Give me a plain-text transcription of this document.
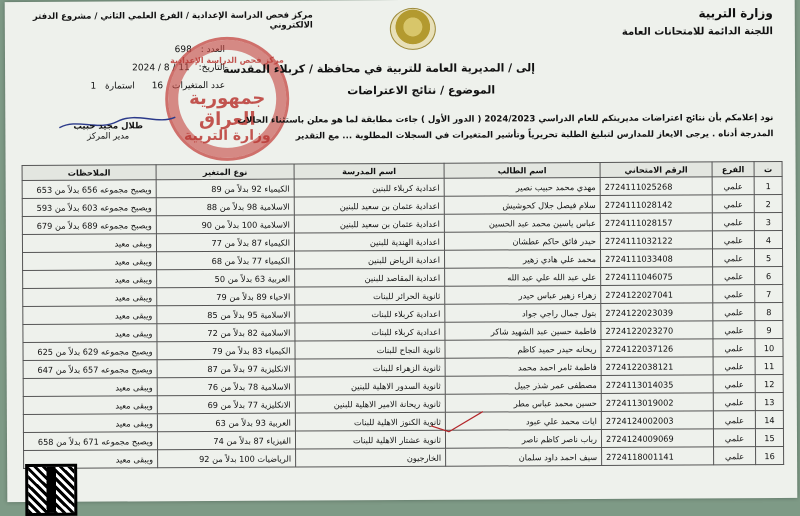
وزارة التربية
اللجنة الدائمة للامتحانات العامة
مركز فحص الدراسة الإعدادية / الفرع العلمي الثاني / مشروع الدفتر الالكتروني
العدد : 698
التاريخ: 11 / 8 / 2024
عدد المتغيرات 16 استمارة 1
مركز فحص الدراسة الإعدادية
جمهورية العراق
وزارة التربية
إلى / المديرية العامة للتربية في محافظة / كربلاء المقدسة
الموضوع / نتائج الاعتراضات
نود إعلامكم بأن نتائج اعتراضات مديريتكم للعام الدراسي 2024/2023 ( الدور الأول ) جاءت مطابقة لما هو معلن باستثناء الحالات
المدرجة أدناه . يرجى الايعاز للمدارس لتبليغ الطلبة تحريرياً وتأشير المتغيرات في السجلات المطلوبة ... مع التقدير
طلال مجيد حبيب
مدير المركز
ت	الفرع	الرقم الامتحاني	اسم الطالب	اسم المدرسة	نوع المتغير	الملاحظات
1	علمي	2724111025268	مهدي محمد حبيب نصير	اعدادية كربلاء للبنين	الكيمياء 92 بدلاً من 89	ويصبح مجموعه 656 بدلاً من 653
2	علمي	2724111028142	سلام فيصل جلال كحوشيش	اعدادية عثمان بن سعيد للبنين	الاسلامية 98 بدلاً من 88	ويصبح مجموعه 603 بدلاً من 593
3	علمي	2724111028157	عباس ياسين محمد عبد الحسين	اعدادية عثمان بن سعيد للبنين	الاسلامية 100 بدلاً من 90	ويصبح مجموعه 689 بدلاً من 679
4	علمي	2724111032122	حيدر فائق حاكم عطشان	اعدادية الهندية للبنين	الكيمياء 87 بدلاً من 77	ويبقى معيد
5	علمي	2724111033408	محمد علي هادي زهير	اعدادية الرياض للبنين	الكيمياء 77 بدلاً من 68	ويبقى معيد
6	علمي	2724111046075	علي عبد الله علي عبد الله	اعدادية المقاصد للبنين	العربية 63 بدلاً من 50	ويبقى معيد
7	علمي	2724122027041	زهراء زهير عباس حيدر	ثانوية الحرائر للبنات	الاحياء 89 بدلاً من 79	ويبقى معيد
8	علمي	2724122023039	بتول جمال راجي جواد	اعدادية كربلاء للبنات	الاسلامية 95 بدلاً من 85	ويبقى معيد
9	علمي	2724122023270	فاطمة حسين عبد الشهيد شاكر	اعدادية كربلاء للبنات	الاسلامية 82 بدلاً من 72	ويبقى معيد
10	علمي	2724122037126	ريحانه حيدر حميد كاظم	ثانوية النجاح للبنات	الكيمياء 83 بدلاً من 79	ويصبح مجموعه 629 بدلاً من 625
11	علمي	2724122038121	فاطمة ثامر احمد محمد	ثانوية الزهراء للبنات	الانكليزية 97 بدلاً من 87	ويصبح مجموعه 657 بدلاً من 647
12	علمي	2724113014035	مصطفى عمر شذر جبيل	ثانوية السدور الاهلية للبنين	الاسلامية 78 بدلاً من 76	ويبقى معيد
13	علمي	2724113019002	حسين محمد عباس مطر	ثانوية ريحانة الامير الاهلية للبنين	الانكليزية 77 بدلاً من 69	ويبقى معيد
14	علمي	2724124002003	ايات محمد علي عبود	ثانوية الكنوز الاهلية للبنات	العربية 93 بدلاً من 63	ويبقى معيد
15	علمي	2724124009069	رباب ناصر كاظم ناصر	ثانوية عشتار الاهلية للبنات	الفيزياء 87 بدلاً من 74	ويصبح مجموعه 671 بدلاً من 658
16	علمي	2724118001141	سيف احمد داود سلمان	الخارجيون	الرياضيات 100 بدلاً من 92	ويبقى معيد
